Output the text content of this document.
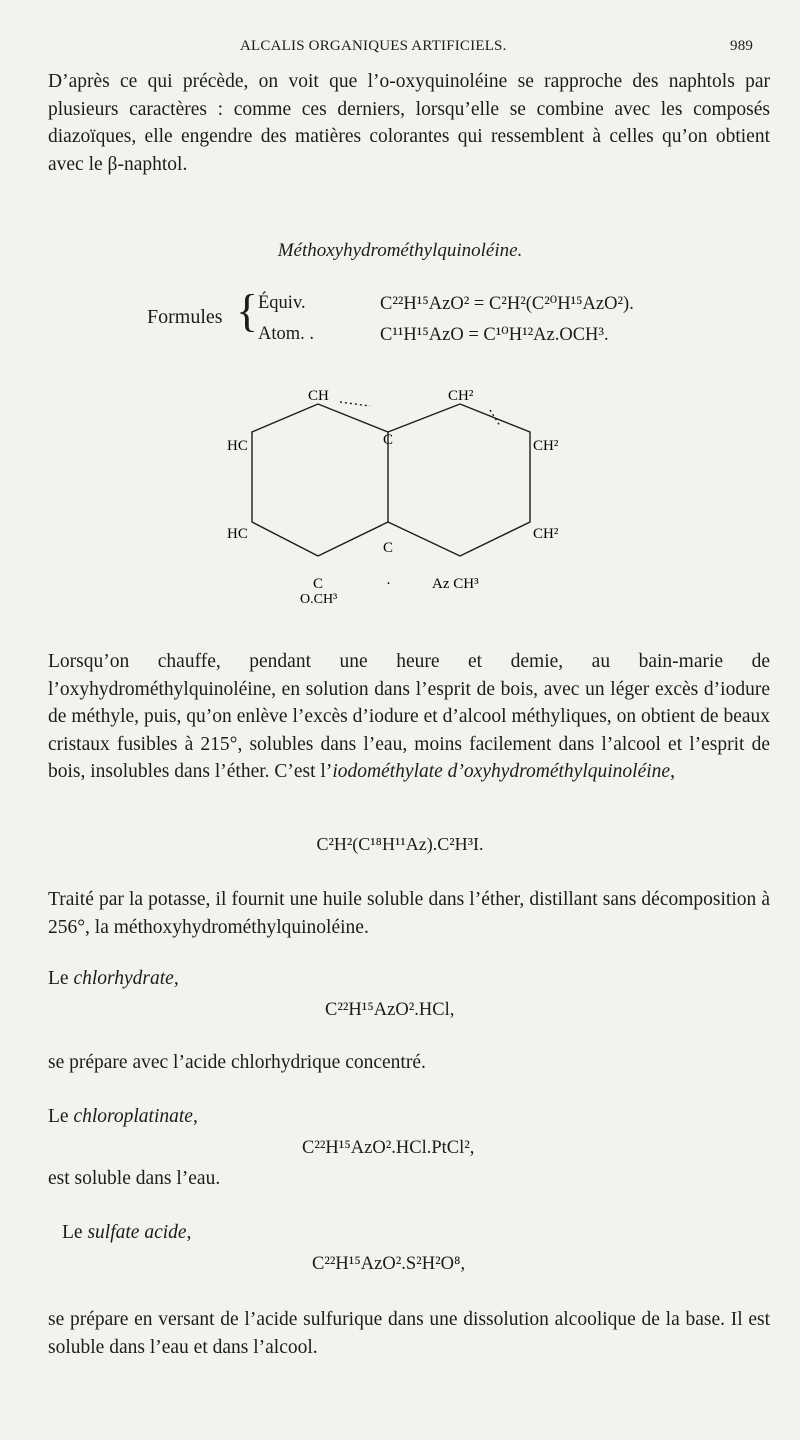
ALCALIS ORGANIQUES ARTIFICIELS.	989
D’après ce qui précède, on voit que l’o-oxyquinoléine se rapproche des naphtols par plusieurs caractères : comme ces derniers, lorsqu’elle se combine avec les composés diazoïques, elle engendre des matières colorantes qui ressemblent à celles qu’on obtient avec le β-naphtol.
Méthoxyhydrométhylquinoléine.
Formules { Équiv.	C²²H¹⁵AzO² = C²H²(C²⁰H¹⁵AzO²).
Atom. .	C¹¹H¹⁵AzO = C¹⁰H¹²Az.OCH³.
CH	CH²
HC	CH²
HC	CH²
C
C
C
O.CH³
·	Az CH³
Lorsqu’on chauffe, pendant une heure et demie, au bain-marie de l’oxyhydrométhylquinoléine, en solution dans l’esprit de bois, avec un léger excès d’iodure de méthyle, puis, qu’on enlève l’excès d’iodure et d’alcool méthyliques, on obtient de beaux cristaux fusibles à 215°, solubles dans l’eau, moins facilement dans l’alcool et l’esprit de bois, insolubles dans l’éther. C’est l’iodométhylate d’oxyhydrométhylquinoléine,
C²H²(C¹⁸H¹¹Az).C²H³I.
Traité par la potasse, il fournit une huile soluble dans l’éther, distillant sans décomposition à 256°, la méthoxyhydrométhylquinoléine.
Le chlorhydrate,
C²²H¹⁵AzO².HCl,
se prépare avec l’acide chlorhydrique concentré.
Le chloroplatinate,
C²²H¹⁵AzO².HCl.PtCl²,
est soluble dans l’eau.
Le sulfate acide,
C²²H¹⁵AzO².S²H²O⁸,
se prépare en versant de l’acide sulfurique dans une dissolution alcoolique de la base. Il est soluble dans l’eau et dans l’alcool.
